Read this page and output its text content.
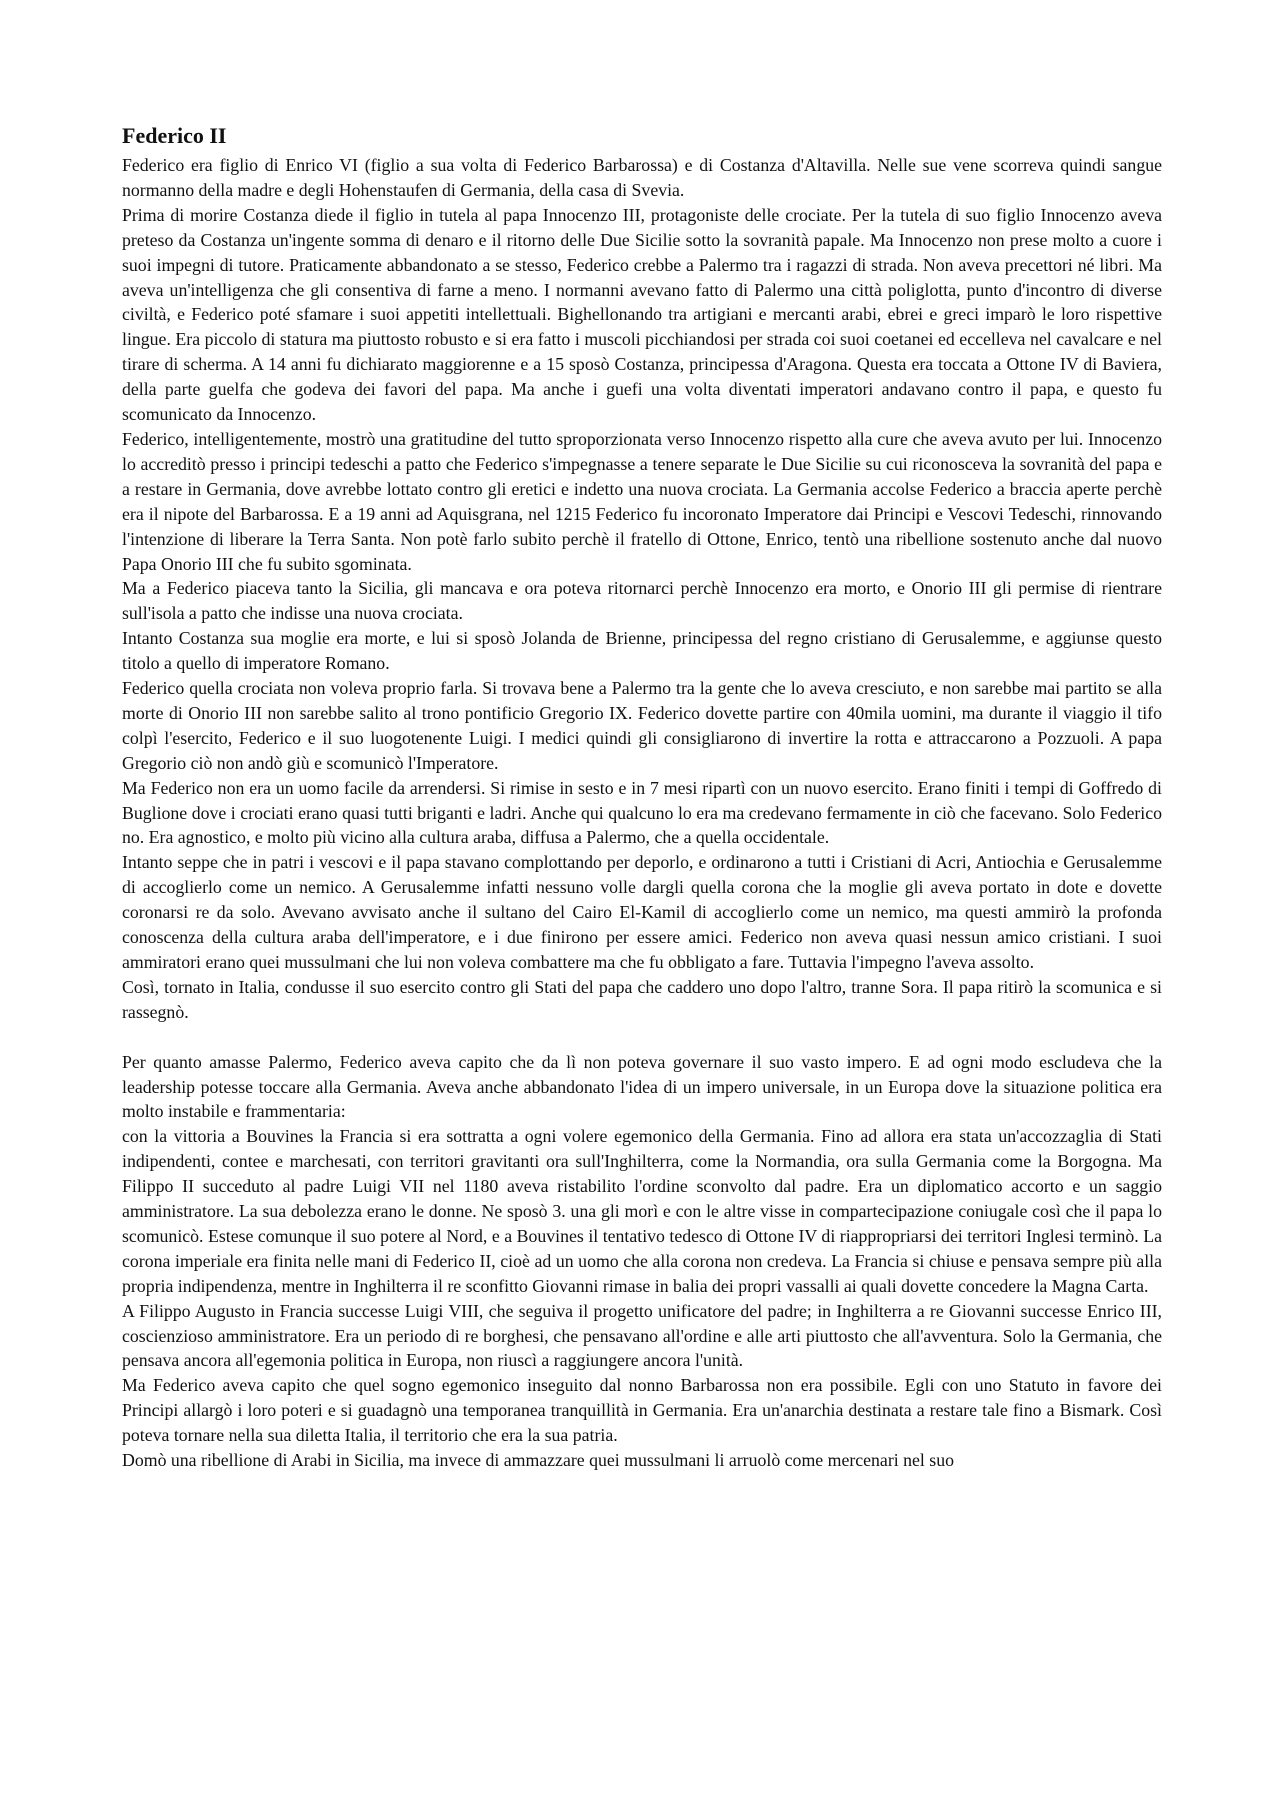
Federico II

Federico era figlio di Enrico VI (figlio a sua volta di Federico Barbarossa) e di Costanza d'Altavilla. Nelle sue vene scorreva quindi sangue normanno della madre e degli Hohenstaufen di Germania, della casa di Svevia.

Prima di morire Costanza diede il figlio in tutela al papa Innocenzo III, protagoniste delle crociate. Per la tutela di suo figlio Innocenzo aveva preteso da Costanza un'ingente somma di denaro e il ritorno delle Due Sicilie sotto la sovranità papale. Ma Innocenzo non prese molto a cuore i suoi impegni di tutore. Praticamente abbandonato a se stesso, Federico crebbe a Palermo tra i ragazzi di strada. Non aveva precettori né libri. Ma aveva un'intelligenza che gli consentiva di farne a meno. I normanni avevano fatto di Palermo una città poliglotta, punto d'incontro di diverse civiltà, e Federico poté sfamare i suoi appetiti intellettuali. Bighellonando tra artigiani e mercanti arabi, ebrei e greci imparò le loro rispettive lingue. Era piccolo di statura ma piuttosto robusto e si era fatto i muscoli picchiandosi per strada coi suoi coetanei ed eccelleva nel cavalcare e nel tirare di scherma. A 14 anni fu dichiarato maggiorenne e a 15 sposò Costanza, principessa d'Aragona. Questa era toccata a Ottone IV di Baviera, della parte guelfa che godeva dei favori del papa. Ma anche i guefi una volta diventati imperatori andavano contro il papa, e questo fu scomunicato da Innocenzo.

Federico, intelligentemente, mostrò una gratitudine del tutto sproporzionata verso Innocenzo rispetto alla cure che aveva avuto per lui. Innocenzo lo accreditò presso i principi tedeschi a patto che Federico s'impegnasse a tenere separate le Due Sicilie su cui riconosceva la sovranità del papa e a restare in Germania, dove avrebbe lottato contro gli eretici e indetto una nuova crociata. La Germania accolse Federico a braccia aperte perchè era il nipote del Barbarossa. E a 19 anni ad Aquisgrana, nel 1215 Federico fu incoronato Imperatore dai Principi e Vescovi Tedeschi, rinnovando l'intenzione di liberare la Terra Santa. Non potè farlo subito perchè il fratello di Ottone, Enrico, tentò una ribellione sostenuto anche dal nuovo Papa Onorio III che fu subito sgominata.

Ma a Federico piaceva tanto la Sicilia, gli mancava e ora poteva ritornarci perchè Innocenzo era morto, e Onorio III gli permise di rientrare sull'isola a patto che indisse una nuova crociata.

Intanto Costanza sua moglie era morte, e lui si sposò Jolanda de Brienne, principessa del regno cristiano di Gerusalemme, e aggiunse questo titolo a quello di imperatore Romano.

Federico quella crociata non voleva proprio farla. Si trovava bene a Palermo tra la gente che lo aveva cresciuto, e non sarebbe mai partito se alla morte di Onorio III non sarebbe salito al trono pontificio Gregorio IX. Federico dovette partire con 40mila uomini, ma durante il viaggio il tifo colpì l'esercito, Federico e il suo luogotenente Luigi. I medici quindi gli consigliarono di invertire la rotta e attraccarono a Pozzuoli. A papa Gregorio ciò non andò giù e scomunicò l'Imperatore.

Ma Federico non era un uomo facile da arrendersi. Si rimise in sesto e in 7 mesi ripartì con un nuovo esercito. Erano finiti i tempi di Goffredo di Buglione dove i crociati erano quasi tutti briganti e ladri. Anche qui qualcuno lo era ma credevano fermamente in ciò che facevano. Solo Federico no. Era agnostico, e molto più vicino alla cultura araba, diffusa a Palermo, che a quella occidentale.

Intanto seppe che in patri i vescovi e il papa stavano complottando per deporlo, e ordinarono a tutti i Cristiani di Acri, Antiochia e Gerusalemme di accoglierlo come un nemico. A Gerusalemme infatti nessuno volle dargli quella corona che la moglie gli aveva portato in dote e dovette coronarsi re da solo. Avevano avvisato anche il sultano del Cairo El-Kamil di accoglierlo come un nemico, ma questi ammirò la profonda conoscenza della cultura araba dell'imperatore, e i due finirono per essere amici. Federico non aveva quasi nessun amico cristiani. I suoi ammiratori erano quei mussulmani che lui non voleva combattere ma che fu obbligato a fare. Tuttavia l'impegno l'aveva assolto.

Così, tornato in Italia, condusse il suo esercito contro gli Stati del papa che caddero uno dopo l'altro, tranne Sora. Il papa ritirò la scomunica e si rassegnò.

Per quanto amasse Palermo, Federico aveva capito che da lì non poteva governare il suo vasto impero. E ad ogni modo escludeva che la leadership potesse toccare alla Germania. Aveva anche abbandonato l'idea di un impero universale, in un Europa dove la situazione politica era molto instabile e frammentaria:

con la vittoria a Bouvines la Francia si era sottratta a ogni volere egemonico della Germania. Fino ad allora era stata un'accozzaglia di Stati indipendenti, contee e marchesati, con territori gravitanti ora sull'Inghilterra, come la Normandia, ora sulla Germania come la Borgogna. Ma Filippo II succeduto al padre Luigi VII nel 1180 aveva ristabilito l'ordine sconvolto dal padre. Era un diplomatico accorto e un saggio amministratore. La sua debolezza erano le donne. Ne sposò 3. una gli morì e con le altre visse in compartecipazione coniugale così che il papa lo scomunicò. Estese comunque il suo potere al Nord, e a Bouvines il tentativo tedesco di Ottone IV di riappropriarsi dei territori Inglesi terminò. La corona imperiale era finita nelle mani di Federico II, cioè ad un uomo che alla corona non credeva. La Francia si chiuse e pensava sempre più alla propria indipendenza, mentre in Inghilterra il re sconfitto Giovanni rimase in balia dei propri vassalli ai quali dovette concedere la Magna Carta.

A Filippo Augusto in Francia successe Luigi VIII, che seguiva il progetto unificatore del padre; in Inghilterra a re Giovanni successe Enrico III, coscienzioso amministratore. Era un periodo di re borghesi, che pensavano all'ordine e alle arti piuttosto che all'avventura. Solo la Germania, che pensava ancora all'egemonia politica in Europa, non riuscì a raggiungere ancora l'unità.

Ma Federico aveva capito che quel sogno egemonico inseguito dal nonno Barbarossa non era possibile. Egli con uno Statuto in favore dei Principi allargò i loro poteri e si guadagnò una temporanea tranquillità in Germania. Era un'anarchia destinata a restare tale fino a Bismark. Così poteva tornare nella sua diletta Italia, il territorio che era la sua patria.

Domò una ribellione di Arabi in Sicilia, ma invece di ammazzare quei mussulmani li arruolò come mercenari nel suo
